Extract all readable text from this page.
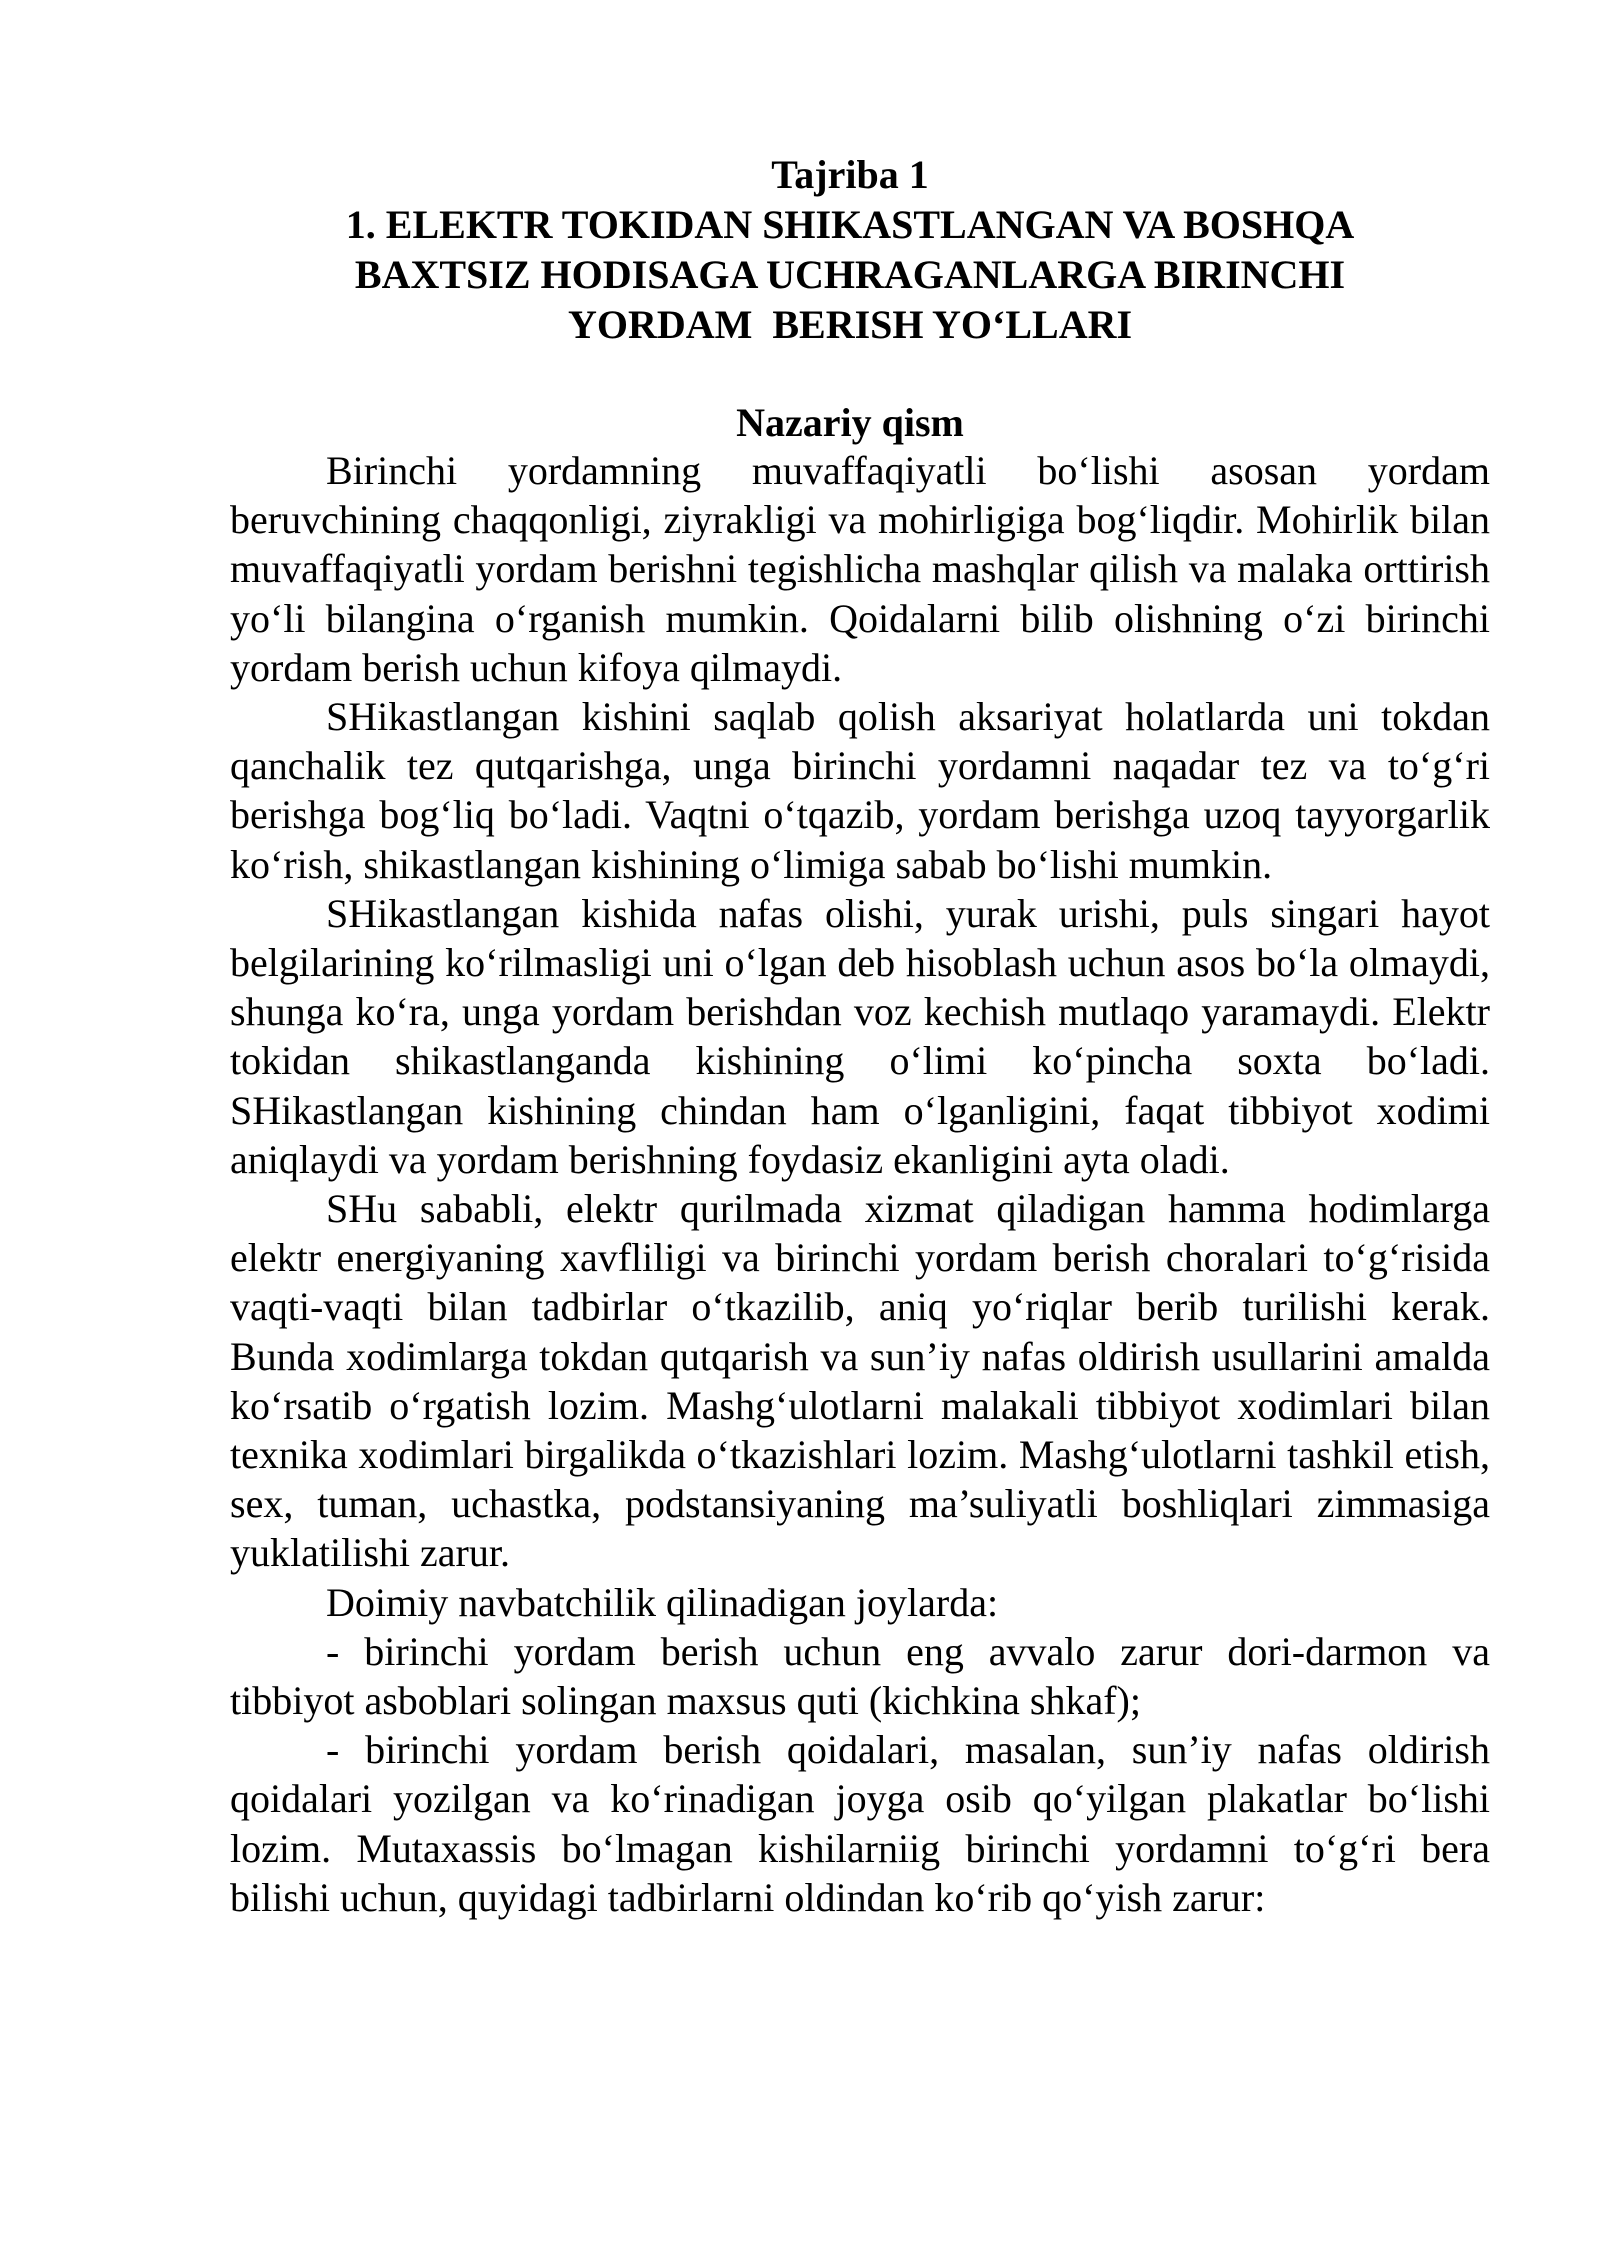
Tajriba 1
1. ELEKTR TOKIDAN SHIKASTLANGAN VA BOSHQA
BAXTSIZ HODISAGA UCHRAGANLARGA BIRINCHI
YORDAM  BERISH YO‘LLARI
Nazariy qism

Birinchi yordamning muvaffaqiyatli bo‘lishi asosan yordam beruvchining chaqqonligi, ziyrakligi va mohirligiga bog‘liqdir. Mohirlik bilan muvaffaqiyatli yordam berishni tegishlicha mashqlar qilish va malaka orttirish yo‘li bilangina o‘rganish mumkin. Qoidalarni bilib olishning o‘zi birinchi yordam berish uchun kifoya qilmaydi.

SHikastlangan kishini saqlab qolish aksariyat holatlarda uni tokdan qanchalik tez qutqarishga, unga birinchi yordamni naqadar tez va to‘g‘ri berishga bog‘liq bo‘ladi. Vaqtni o‘tqazib, yordam berishga uzoq tayyorgarlik ko‘rish, shikastlangan kishining o‘limiga sabab bo‘lishi mumkin.

SHikastlangan kishida nafas olishi, yurak urishi, puls singari hayot belgilarining ko‘rilmasligi uni o‘lgan deb hisoblash uchun asos bo‘la olmaydi, shunga ko‘ra, unga yordam berishdan voz kechish mutlaqo yaramaydi. Elektr tokidan shikastlanganda kishining o‘limi ko‘pincha soxta bo‘ladi. SHikastlangan kishining chindan ham o‘lganligini, faqat tibbiyot xodimi aniqlaydi va yordam berishning foydasiz ekanligini ayta oladi.

SHu sababli, elektr qurilmada xizmat qiladigan hamma hodimlarga elektr energiyaning xavfliligi va birinchi yordam berish choralari to‘g‘risida vaqti-vaqti bilan tadbirlar o‘tkazilib, aniq yo‘riqlar berib turilishi kerak. Bunda xodimlarga tokdan qutqarish va sun’iy nafas oldirish usullarini amalda ko‘rsatib o‘rgatish lozim. Mashg‘ulotlarni malakali tibbiyot xodimlari bilan texnika xodimlari birgalikda o‘tkazishlari lozim. Mashg‘ulotlarni tashkil etish, sex, tuman, uchastka, podstansiyaning ma’suliyatli boshliqlari zimmasiga yuklatilishi zarur.

Doimiy navbatchilik qilinadigan joylarda:

- birinchi yordam berish uchun eng avvalo zarur dori-darmon va tibbiyot asboblari solingan maxsus quti (kichkina shkaf);

- birinchi yordam berish qoidalari, masalan, sun’iy nafas oldirish qoidalari yozilgan va ko‘rinadigan joyga osib qo‘yilgan plakatlar bo‘lishi lozim. Mutaxassis bo‘lmagan kishilarniig birinchi yordamni to‘g‘ri bera bilishi uchun, quyidagi tadbirlarni oldindan ko‘rib qo‘yish zarur:
